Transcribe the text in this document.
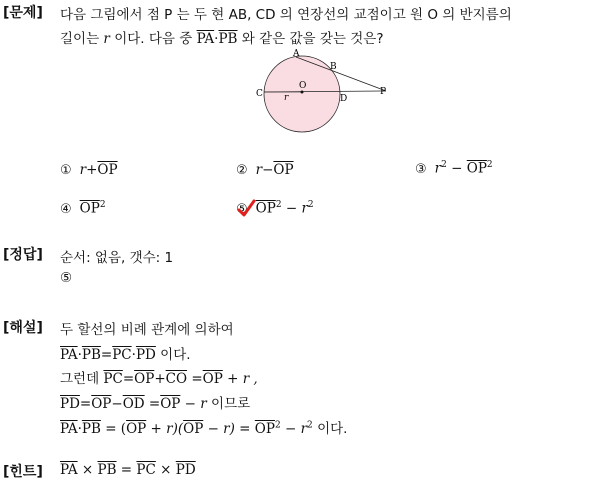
[문제] 다음 그림에서 점 P 는 두 현 AB, CD 의 연장선의 교점이고 원 O 의 반지름의
길이는 r 이다. 다음 중 $\overline{PA}\cdot\overline{PB}$ 와 같은 값을 갖는 것은?
A
B
C	D
O
P
r
① $r+\overline{OP}$	② $r-\overline{OP}$	③ $r^2 - \overline{OP}^2$
④ $\overline{OP}^2$	⑤ $\overline{OP}^2 - r^2$
[정답] 순서: 없음, 갯수: 1
⑤
[해설] 두 할선의 비례 관계에 의하여
$\overline{PA}\cdot\overline{PB}=\overline{PC}\cdot\overline{PD}$ 이다.
그런데 $\overline{PC}=\overline{OP}+\overline{CO} =\overline{OP} + r$ ,
$\overline{PD}=\overline{OP}-\overline{OD} =\overline{OP} - r$ 이므로
$\overline{PA}\cdot\overline{PB} = (\overline{OP} + r)(\overline{OP} - r) = \overline{OP}^2 - r^2$ 이다.
[힌트] $\overline{PA} \times \overline{PB} = \overline{PC} \times \overline{PD}$
